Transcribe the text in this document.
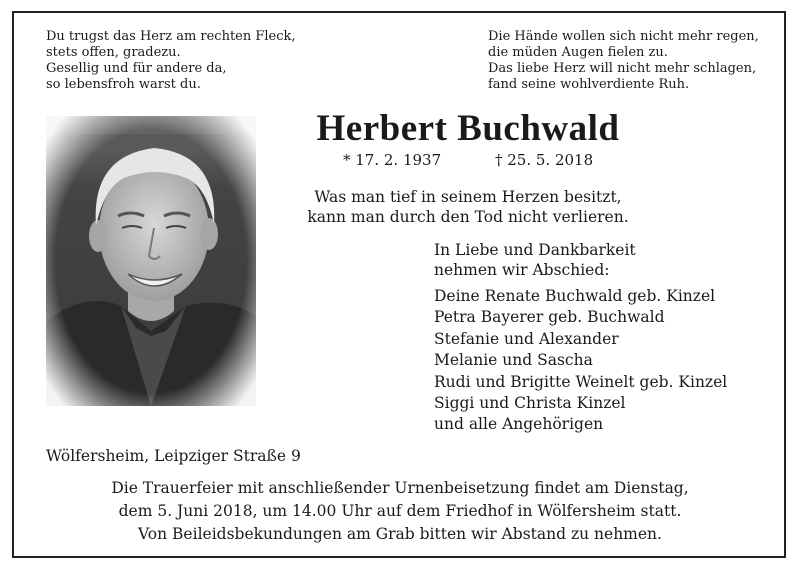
Du trugst das Herz am rechten Fleck,
stets offen, gradezu.
Gesellig und für andere da,
so lebensfroh warst du.
Die Hände wollen sich nicht mehr regen,
die müden Augen fielen zu.
Das liebe Herz will nicht mehr schlagen,
fand seine wohlverdiente Ruh.
Herbert Buchwald
* 17. 2. 1937	† 25. 5. 2018
Was man tief in seinem Herzen besitzt,
kann man durch den Tod nicht verlieren.
In Liebe und Dankbarkeit
nehmen wir Abschied:
Deine Renate Buchwald geb. Kinzel
Petra Bayerer geb. Buchwald
Stefanie und Alexander
Melanie und Sascha
Rudi und Brigitte Weinelt geb. Kinzel
Siggi und Christa Kinzel
und alle Angehörigen
Wölfersheim, Leipziger Straße 9
Die Trauerfeier mit anschließender Urnenbeisetzung findet am Dienstag,
dem 5. Juni 2018, um 14.00 Uhr auf dem Friedhof in Wölfersheim statt.
Von Beileidsbekundungen am Grab bitten wir Abstand zu nehmen.
